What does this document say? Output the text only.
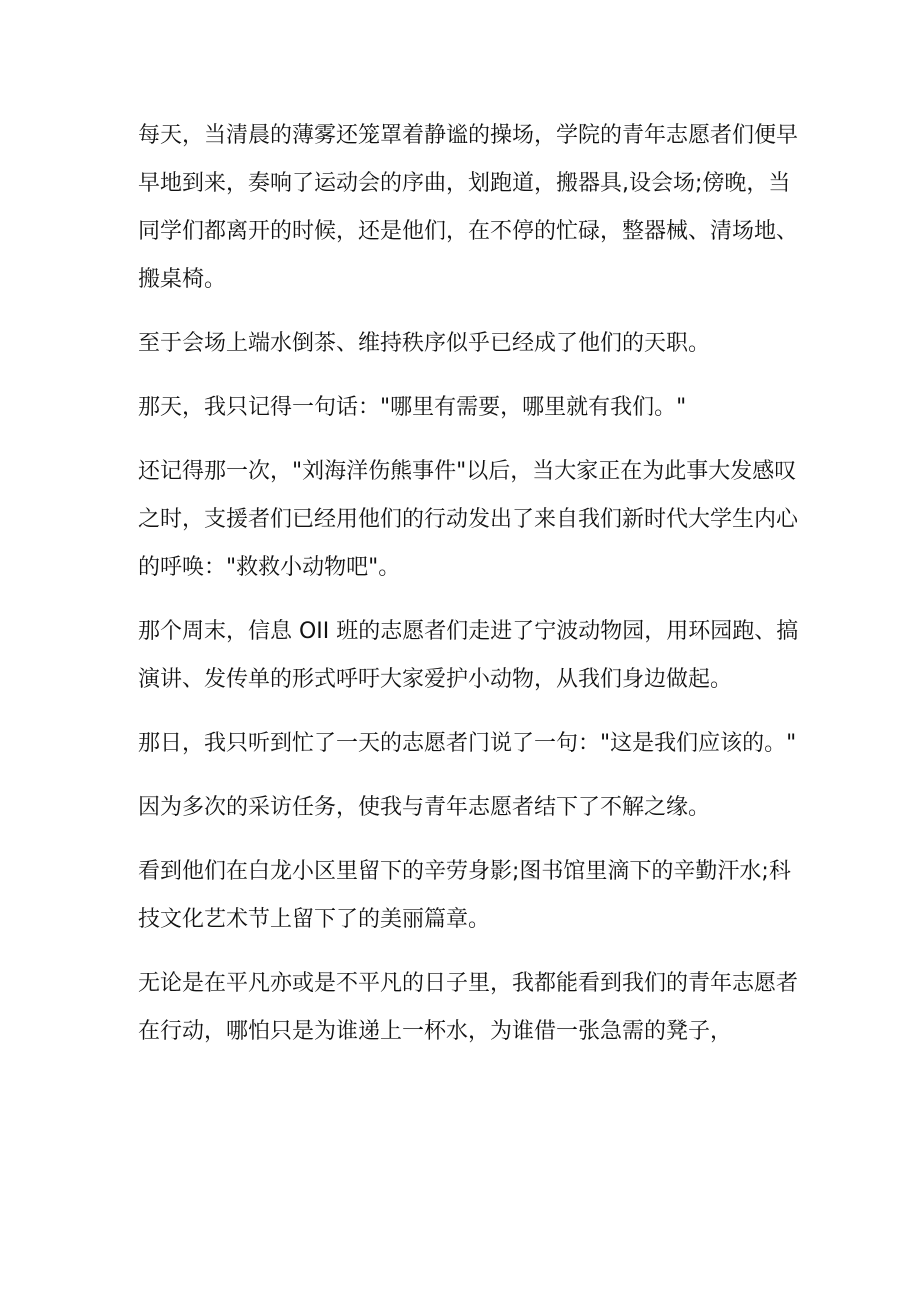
每天，当清晨的薄雾还笼罩着静谧的操场，学院的青年志愿者们便早早地到来，奏响了运动会的序曲，划跑道，搬器具,设会场;傍晚，当同学们都离开的时候，还是他们，在不停的忙碌，整器械、清场地、搬桌椅。

至于会场上端水倒茶、维持秩序似乎已经成了他们的天职。

那天，我只记得一句话："哪里有需要，哪里就有我们。"

还记得那一次，"刘海洋伤熊事件"以后，当大家正在为此事大发感叹之时，支援者们已经用他们的行动发出了来自我们新时代大学生内心的呼唤："救救小动物吧"。

那个周末，信息 OII 班的志愿者们走进了宁波动物园，用环园跑、搞演讲、发传单的形式呼吁大家爱护小动物，从我们身边做起。

那日，我只听到忙了一天的志愿者门说了一句："这是我们应该的。"

因为多次的采访任务，使我与青年志愿者结下了不解之缘。

看到他们在白龙小区里留下的辛劳身影;图书馆里滴下的辛勤汗水;科技文化艺术节上留下了的美丽篇章。

无论是在平凡亦或是不平凡的日子里，我都能看到我们的青年志愿者在行动，哪怕只是为谁递上一杯水，为谁借一张急需的凳子，
